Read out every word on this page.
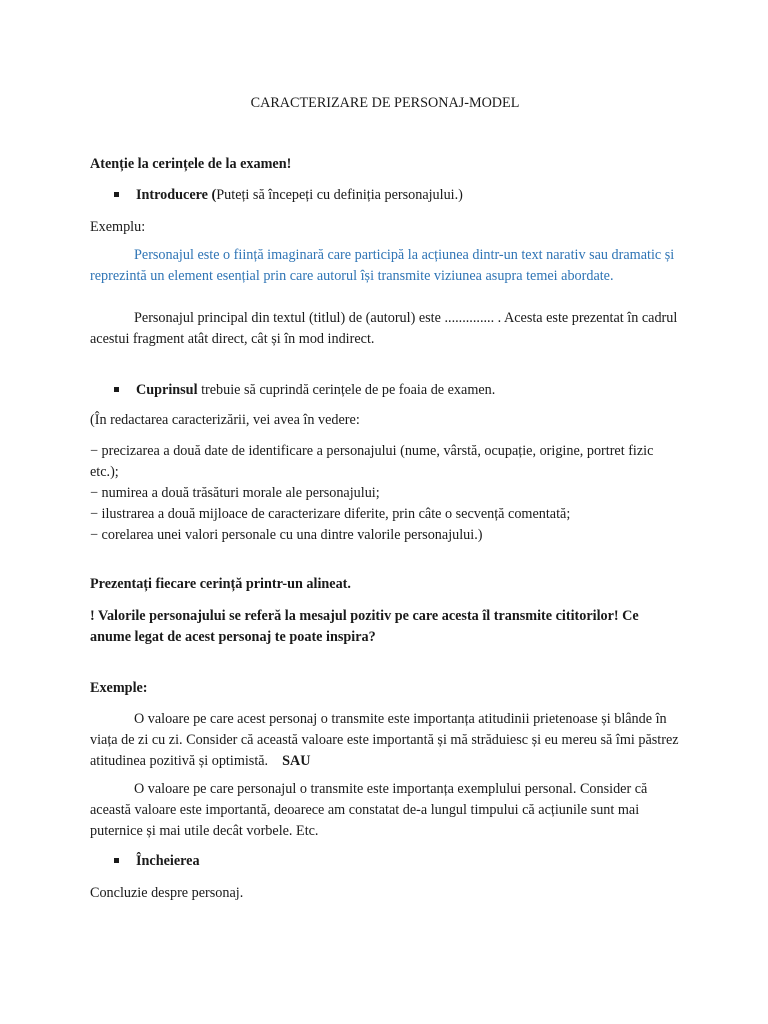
CARACTERIZARE DE PERSONAJ-MODEL
Atenție la cerințele de la examen!
Introducere (Puteți să începeți cu definiția personajului.)
Exemplu:
Personajul este o ființă imaginară care participă la acțiunea dintr-un text narativ sau dramatic și reprezintă un element esențial prin care autorul își transmite viziunea asupra temei abordate.
Personajul principal din textul (titlul) de (autorul) este .............. . Acesta este prezentat în cadrul acestui fragment atât direct, cât și în mod indirect.
Cuprinsul trebuie să cuprindă cerințele de pe foaia de examen.
(În redactarea caracterizării, vei avea în vedere:
− precizarea a două date de identificare a personajului (nume, vârstă, ocupație, origine, portret fizic etc.);
− numirea a două trăsături morale ale personajului;
− ilustrarea a două mijloace de caracterizare diferite, prin câte o secvență comentată;
− corelarea unei valori personale cu una dintre valorile personajului.)
Prezentați fiecare cerință printr-un alineat.
! Valorile personajului se referă la mesajul pozitiv pe care acesta îl transmite cititorilor! Ce anume legat de acest personaj te poate inspira?
Exemple:
O valoare pe care acest personaj o transmite este importanța atitudinii prietenoase și blânde în viața de zi cu zi. Consider că această valoare este importantă și mă străduiesc și eu mereu să îmi păstrez atitudinea pozitivă și optimistă. SAU
O valoare pe care personajul o transmite este importanța exemplului personal. Consider că această valoare este importantă, deoarece am constatat de-a lungul timpului că acțiunile sunt mai puternice și mai utile decât vorbele. Etc.
Încheierea
Concluzie despre personaj.
